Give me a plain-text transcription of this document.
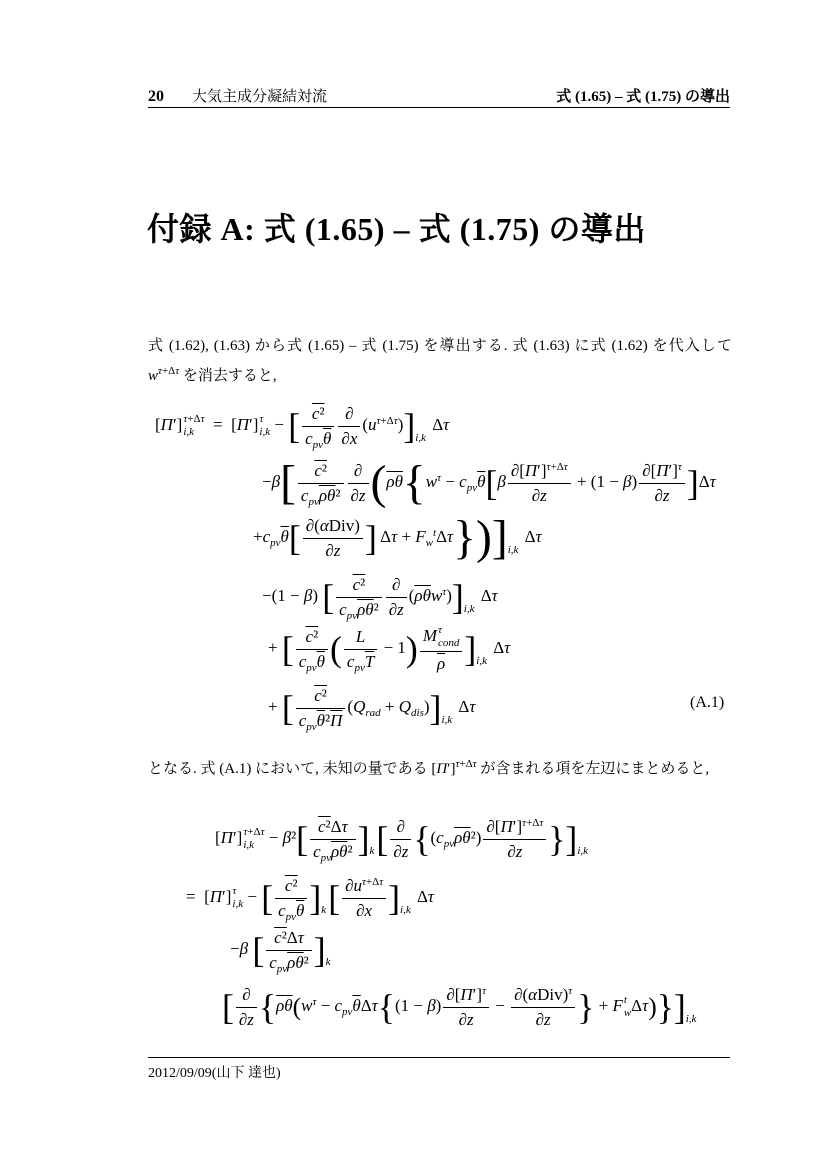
20 大気主成分凝結対流	式 (1.65) – 式 (1.75) の導出
付録 A: 式 (1.65) – 式 (1.75) の導出

式 (1.62), (1.63) から式 (1.65) – 式 (1.75) を導出する. 式 (1.63) に式 (1.62) を代入して $w^{\tau+\Delta\tau}$ を消去すると,

[Π′] τ+Δτ
i,k =  [Π′] τ
i,k − [ c²
$c_{pv}\overline{\theta}$
∂
∂x
$(u^{\tau+\Delta\tau})]_{i,k}$ Δτ
−β[	c²
$c_{pv}\overline{\rho}\overline{\theta}^2$
∂
∂z ($\overline{\rho}\overline{\theta}\{w^\tau - c_{pv}\overline{\theta}[\beta \frac{\partial[\Pi']^{\tau+\Delta\tau}}{\partial z} + (1 - \beta) \frac{\partial[\Pi']^\tau}{\partial z} ]\Delta\tau$
$+c_{pv}\overline{\theta}$[ ∂(αDiv)
∂z ] $\Delta\tau + F_w^t\Delta\tau\})]_{i,k}$ Δτ
−(1 − β) [	c²
$c_{pv}\overline{\rho}\overline{\theta}^2$
∂
∂z
$(\overline{\rho}\overline{\theta}w^\tau)]_{i,k}$ Δτ
+ [ c²
$c_{pv}\overline{\theta}$ ( L
$c_{pv}\overline{T}$
− 1) M τ
cond
$\overline{\rho}$ ]$_{i,k}$ Δτ
+ [	c²
$c_{pv}\overline{\theta}^2\overline{\Pi}$
$(Q_{rad} + Q_{dis})]_{i,k}$ Δτ	(A.1)

となる. 式 (A.1) において, 未知の量である $[\Pi']^{\tau+\Delta\tau}$ が含まれる項を左辺にまとめると,

[Π′] τ+Δτ
i,k − β²[ c²Δτ
$c_{pv}\overline{\rho}\overline{\theta}^2$ ]$_k$[ ∂
∂z $\{(c_{pv}\overline{\rho}\overline{\theta}^2) \frac{\partial[\Pi']^{\tau+\Delta\tau}}{\partial z} \}]_{i,k}$
=  [Π′] τ
i,k − [ c²
$c_{pv}\overline{\theta}$ ]$_k[ \frac{\partial u^{\tau+\Delta\tau}}{\partial x} ]_{i,k}$ Δτ
−β [ c²Δτ
$c_{pv}\overline{\rho}\overline{\theta}^2$ ]$_k$
[ ∂
∂z {$\overline{\rho}\overline{\theta}(w^\tau - c_{pv}\overline{\theta}\Delta\tau\{(1 - \beta) \frac{\partial[\Pi']^\tau}{\partial z}$ −
$\partial(\alpha Div)^\tau$
∂z } + F t
w $\Delta\tau)\}]_{i,k}$
2012/09/09(山下 達也)
